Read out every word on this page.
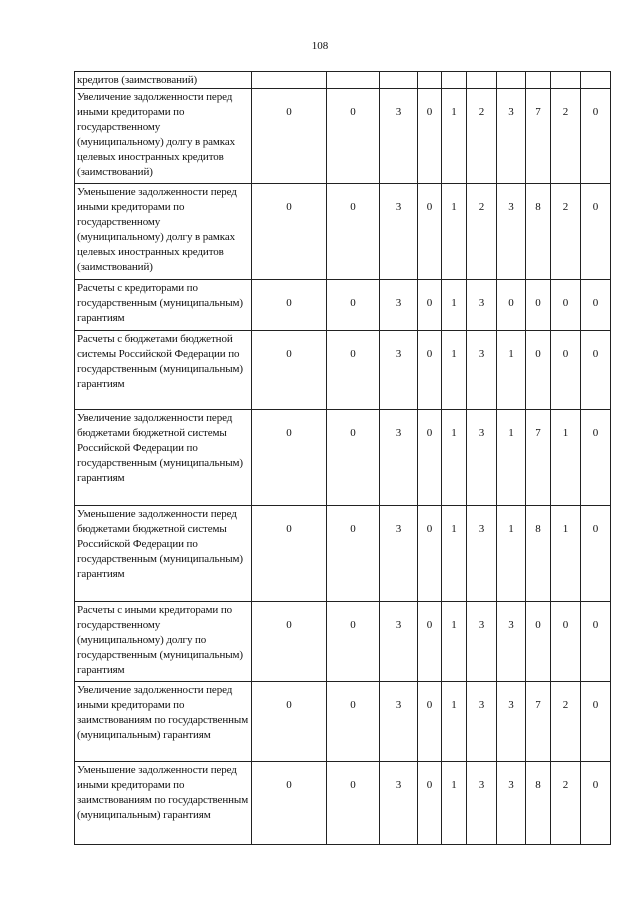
108
кредитов (заимствований)										
Увеличение задолженности перед иными кредиторами по государственному (муниципальному) долгу в рамках целевых иностранных кредитов (заимствований)	0	0	3	0	1	2	3	7	2	0
Уменьшение задолженности перед иными кредиторами по государственному (муниципальному) долгу в рамках целевых иностранных кредитов (заимствований)	0	0	3	0	1	2	3	8	2	0
Расчеты с кредиторами по государственным (муниципальным) гарантиям	0	0	3	0	1	3	0	0	0	0
Расчеты с бюджетами бюджетной системы Российской Федерации по государственным (муниципальным) гарантиям	0	0	3	0	1	3	1	0	0	0
Увеличение задолженности перед бюджетами бюджетной системы Российской Федерации по государственным (муниципальным) гарантиям	0	0	3	0	1	3	1	7	1	0
Уменьшение задолженности перед бюджетами бюджетной системы Российской Федерации по государственным (муниципальным) гарантиям	0	0	3	0	1	3	1	8	1	0
Расчеты с иными кредиторами по государственному (муниципальному) долгу по государственным (муниципальным) гарантиям	0	0	3	0	1	3	3	0	0	0
Увеличение задолженности перед иными кредиторами по заимствованиям по государственным (муниципальным) гарантиям	0	0	3	0	1	3	3	7	2	0
Уменьшение задолженности перед иными кредиторами по заимствованиям по государственным (муниципальным) гарантиям	0	0	3	0	1	3	3	8	2	0
